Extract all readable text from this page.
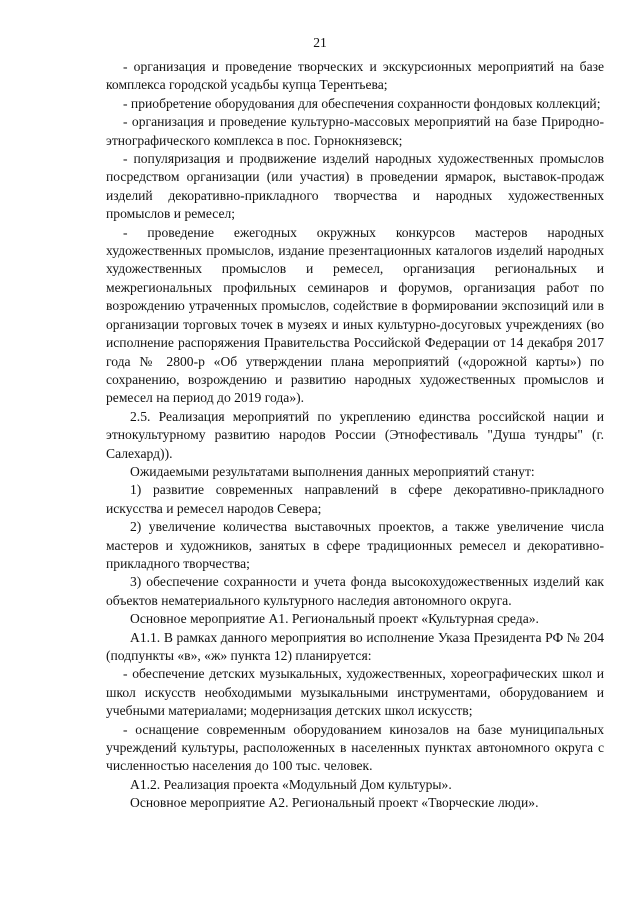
21

- организация и проведение творческих и экскурсионных мероприятий на базе комплекса городской усадьбы купца Терентьева;

- приобретение оборудования для обеспечения сохранности фондовых коллекций;

- организация и проведение культурно-массовых мероприятий на базе Природно-этнографического комплекса в пос. Горнокнязевск;

- популяризация и продвижение изделий народных художественных промыслов посредством организации (или участия) в проведении ярмарок, выставок-продаж изделий декоративно-прикладного творчества и народных художественных промыслов и ремесел;

- проведение ежегодных окружных конкурсов мастеров народных художественных промыслов, издание презентационных каталогов изделий народных художественных промыслов и ремесел, организация региональных и межрегиональных профильных семинаров и форумов, организация работ по возрождению утраченных промыслов, содействие в формировании экспозиций или в организации торговых точек в музеях и иных культурно-досуговых учреждениях (во исполнение распоряжения Правительства Российской Федерации от 14 декабря 2017 года № 2800-р «Об утверждении плана мероприятий («дорожной карты») по сохранению, возрождению и развитию народных художественных промыслов и ремесел на период до 2019 года»).

2.5. Реализация мероприятий по укреплению единства российской нации и этнокультурному развитию народов России (Этнофестиваль "Душа тундры" (г. Салехард)).

Ожидаемыми результатами выполнения данных мероприятий станут:

1) развитие современных направлений в сфере декоративно-прикладного искусства и ремесел народов Севера;

2) увеличение количества выставочных проектов, а также увеличение числа мастеров и художников, занятых в сфере традиционных ремесел и декоративно-прикладного творчества;

3) обеспечение сохранности и учета фонда высокохудожественных изделий как объектов нематериального культурного наследия автономного округа.

Основное мероприятие А1. Региональный проект «Культурная среда».

А1.1. В рамках данного мероприятия во исполнение Указа Президента РФ № 204 (подпункты «в», «ж» пункта 12) планируется:

- обеспечение детских музыкальных, художественных, хореографических школ и школ искусств необходимыми музыкальными инструментами, оборудованием и учебными материалами; модернизация детских школ искусств;

- оснащение современным оборудованием кинозалов на базе муниципальных учреждений культуры, расположенных в населенных пунктах автономного округа с численностью населения до 100 тыс. человек.

А1.2. Реализация проекта «Модульный Дом культуры».

Основное мероприятие А2. Региональный проект «Творческие люди».
